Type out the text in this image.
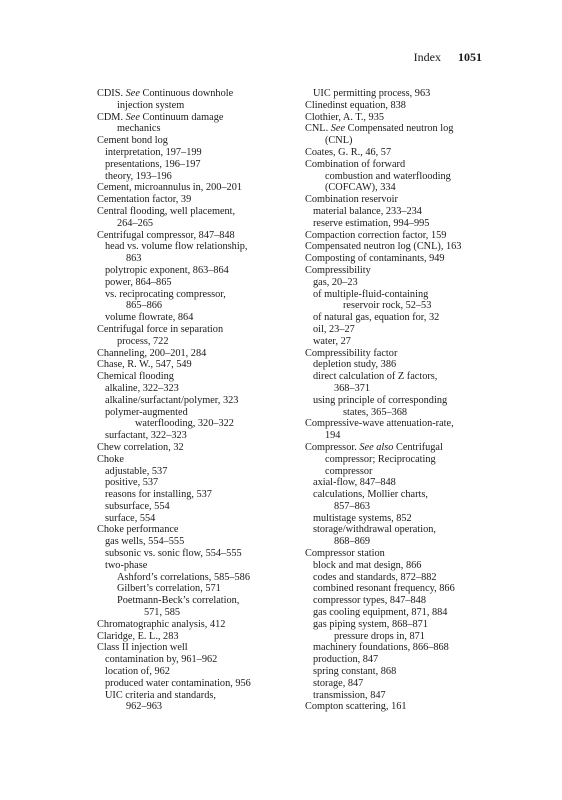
Index 1051
CDIS. See Continuous downhole
injection system
CDM. See Continuum damage
mechanics
Cement bond log
interpretation, 197–199
presentations, 196–197
theory, 193–196
Cement, microannulus in, 200–201
Cementation factor, 39
Central flooding, well placement,
264–265
Centrifugal compressor, 847–848
head vs. volume flow relationship,
863
polytropic exponent, 863–864
power, 864–865
vs. reciprocating compressor,
865–866
volume flowrate, 864
Centrifugal force in separation
process, 722
Channeling, 200–201, 284
Chase, R. W., 547, 549
Chemical flooding
alkaline, 322–323
alkaline/surfactant/polymer, 323
polymer-augmented
waterflooding, 320–322
surfactant, 322–323
Chew correlation, 32
Choke
adjustable, 537
positive, 537
reasons for installing, 537
subsurface, 554
surface, 554
Choke performance
gas wells, 554–555
subsonic vs. sonic flow, 554–555
two-phase
Ashford’s correlations, 585–586
Gilbert’s correlation, 571
Poetmann-Beck’s correlation,
571, 585
Chromatographic analysis, 412
Claridge, E. L., 283
Class II injection well
contamination by, 961–962
location of, 962
produced water contamination, 956
UIC criteria and standards,
962–963
UIC permitting process, 963
Clinedinst equation, 838
Clothier, A. T., 935
CNL. See Compensated neutron log
(CNL)
Coates, G. R., 46, 57
Combination of forward
combustion and waterflooding
(COFCAW), 334
Combination reservoir
material balance, 233–234
reserve estimation, 994–995
Compaction correction factor, 159
Compensated neutron log (CNL), 163
Composting of contaminants, 949
Compressibility
gas, 20–23
of multiple-fluid-containing
reservoir rock, 52–53
of natural gas, equation for, 32
oil, 23–27
water, 27
Compressibility factor
depletion study, 386
direct calculation of Z factors,
368–371
using principle of corresponding
states, 365–368
Compressive-wave attenuation-rate,
194
Compressor. See also Centrifugal
compressor; Reciprocating
compressor
axial-flow, 847–848
calculations, Mollier charts,
857–863
multistage systems, 852
storage/withdrawal operation,
868–869
Compressor station
block and mat design, 866
codes and standards, 872–882
combined resonant frequency, 866
compressor types, 847–848
gas cooling equipment, 871, 884
gas piping system, 868–871
pressure drops in, 871
machinery foundations, 866–868
production, 847
spring constant, 868
storage, 847
transmission, 847
Compton scattering, 161
